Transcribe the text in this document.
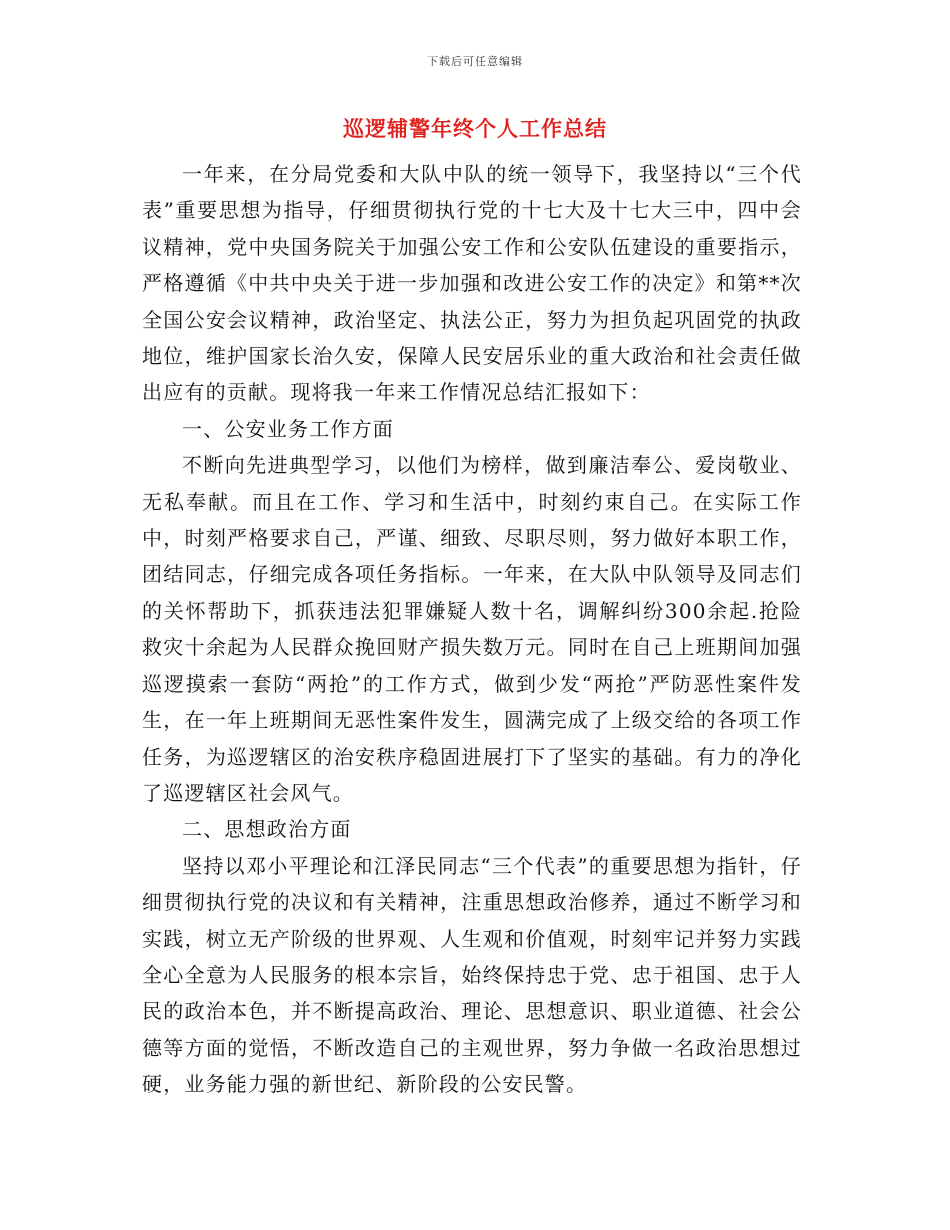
下载后可任意编辑
巡逻辅警年终个人工作总结

一年来，在分局党委和大队中队的统一领导下，我坚持以“三个代表”重要思想为指导，仔细贯彻执行党的十七大及十七大三中，四中会议精神，党中央国务院关于加强公安工作和公安队伍建设的重要指示，严格遵循《中共中央关于进一步加强和改进公安工作的决定》和第**次全国公安会议精神，政治坚定、执法公正，努力为担负起巩固党的执政地位，维护国家长治久安，保障人民安居乐业的重大政治和社会责任做出应有的贡献。现将我一年来工作情况总结汇报如下：

一、公安业务工作方面

不断向先进典型学习，以他们为榜样，做到廉洁奉公、爱岗敬业、无私奉献。而且在工作、学习和生活中，时刻约束自己。在实际工作中，时刻严格要求自己，严谨、细致、尽职尽则，努力做好本职工作，团结同志，仔细完成各项任务指标。一年来，在大队中队领导及同志们的关怀帮助下，抓获违法犯罪嫌疑人数十名，调解纠纷300余起.抢险救灾十余起为人民群众挽回财产损失数万元。同时在自己上班期间加强巡逻摸索一套防“两抢”的工作方式，做到少发“两抢”严防恶性案件发生，在一年上班期间无恶性案件发生，圆满完成了上级交给的各项工作任务，为巡逻辖区的治安秩序稳固进展打下了坚实的基础。有力的净化了巡逻辖区社会风气。

二、思想政治方面

坚持以邓小平理论和江泽民同志“三个代表”的重要思想为指针，仔细贯彻执行党的决议和有关精神，注重思想政治修养，通过不断学习和实践，树立无产阶级的世界观、人生观和价值观，时刻牢记并努力实践全心全意为人民服务的根本宗旨，始终保持忠于党、忠于祖国、忠于人民的政治本色，并不断提高政治、理论、思想意识、职业道德、社会公德等方面的觉悟，不断改造自己的主观世界，努力争做一名政治思想过硬，业务能力强的新世纪、新阶段的公安民警。
